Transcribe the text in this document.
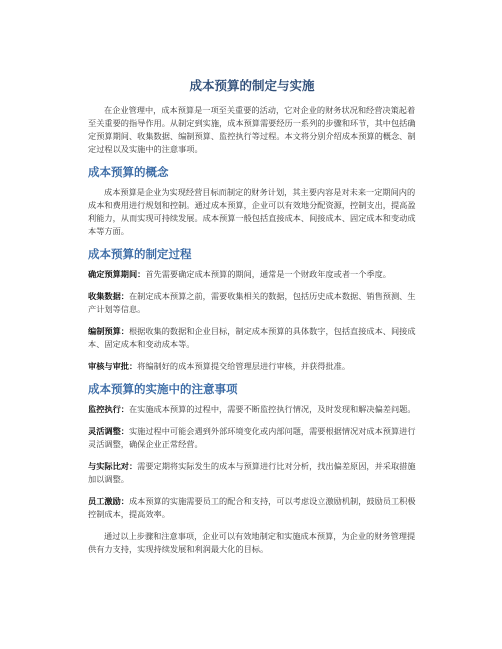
成本预算的制定与实施

在企业管理中，成本预算是一项至关重要的活动，它对企业的财务状况和经营决策起着至关重要的指导作用。从制定到实施，成本预算需要经历一系列的步骤和环节，其中包括确定预算期间、收集数据、编制预算、监控执行等过程。本文将分别介绍成本预算的概念、制定过程以及实施中的注意事项。

成本预算的概念

成本预算是企业为实现经营目标而制定的财务计划，其主要内容是对未来一定期间内的成本和费用进行规划和控制。通过成本预算，企业可以有效地分配资源，控制支出，提高盈利能力，从而实现可持续发展。成本预算一般包括直接成本、间接成本、固定成本和变动成本等方面。

成本预算的制定过程
确定预算期间：首先需要确定成本预算的期间，通常是一个财政年度或者一个季度。
收集数据：在制定成本预算之前，需要收集相关的数据，包括历史成本数据、销售预测、生产计划等信息。
编制预算：根据收集的数据和企业目标，制定成本预算的具体数字，包括直接成本、间接成本、固定成本和变动成本等。
审核与审批：将编制好的成本预算提交给管理层进行审核，并获得批准。
成本预算的实施中的注意事项
监控执行：在实施成本预算的过程中，需要不断监控执行情况，及时发现和解决偏差问题。
灵活调整：实施过程中可能会遇到外部环境变化或内部问题，需要根据情况对成本预算进行灵活调整，确保企业正常经营。
与实际比对：需要定期将实际发生的成本与预算进行比对分析，找出偏差原因，并采取措施加以调整。
员工激励：成本预算的实施需要员工的配合和支持，可以考虑设立激励机制，鼓励员工积极控制成本，提高效率。

通过以上步骤和注意事项，企业可以有效地制定和实施成本预算，为企业的财务管理提供有力支持，实现持续发展和利润最大化的目标。
